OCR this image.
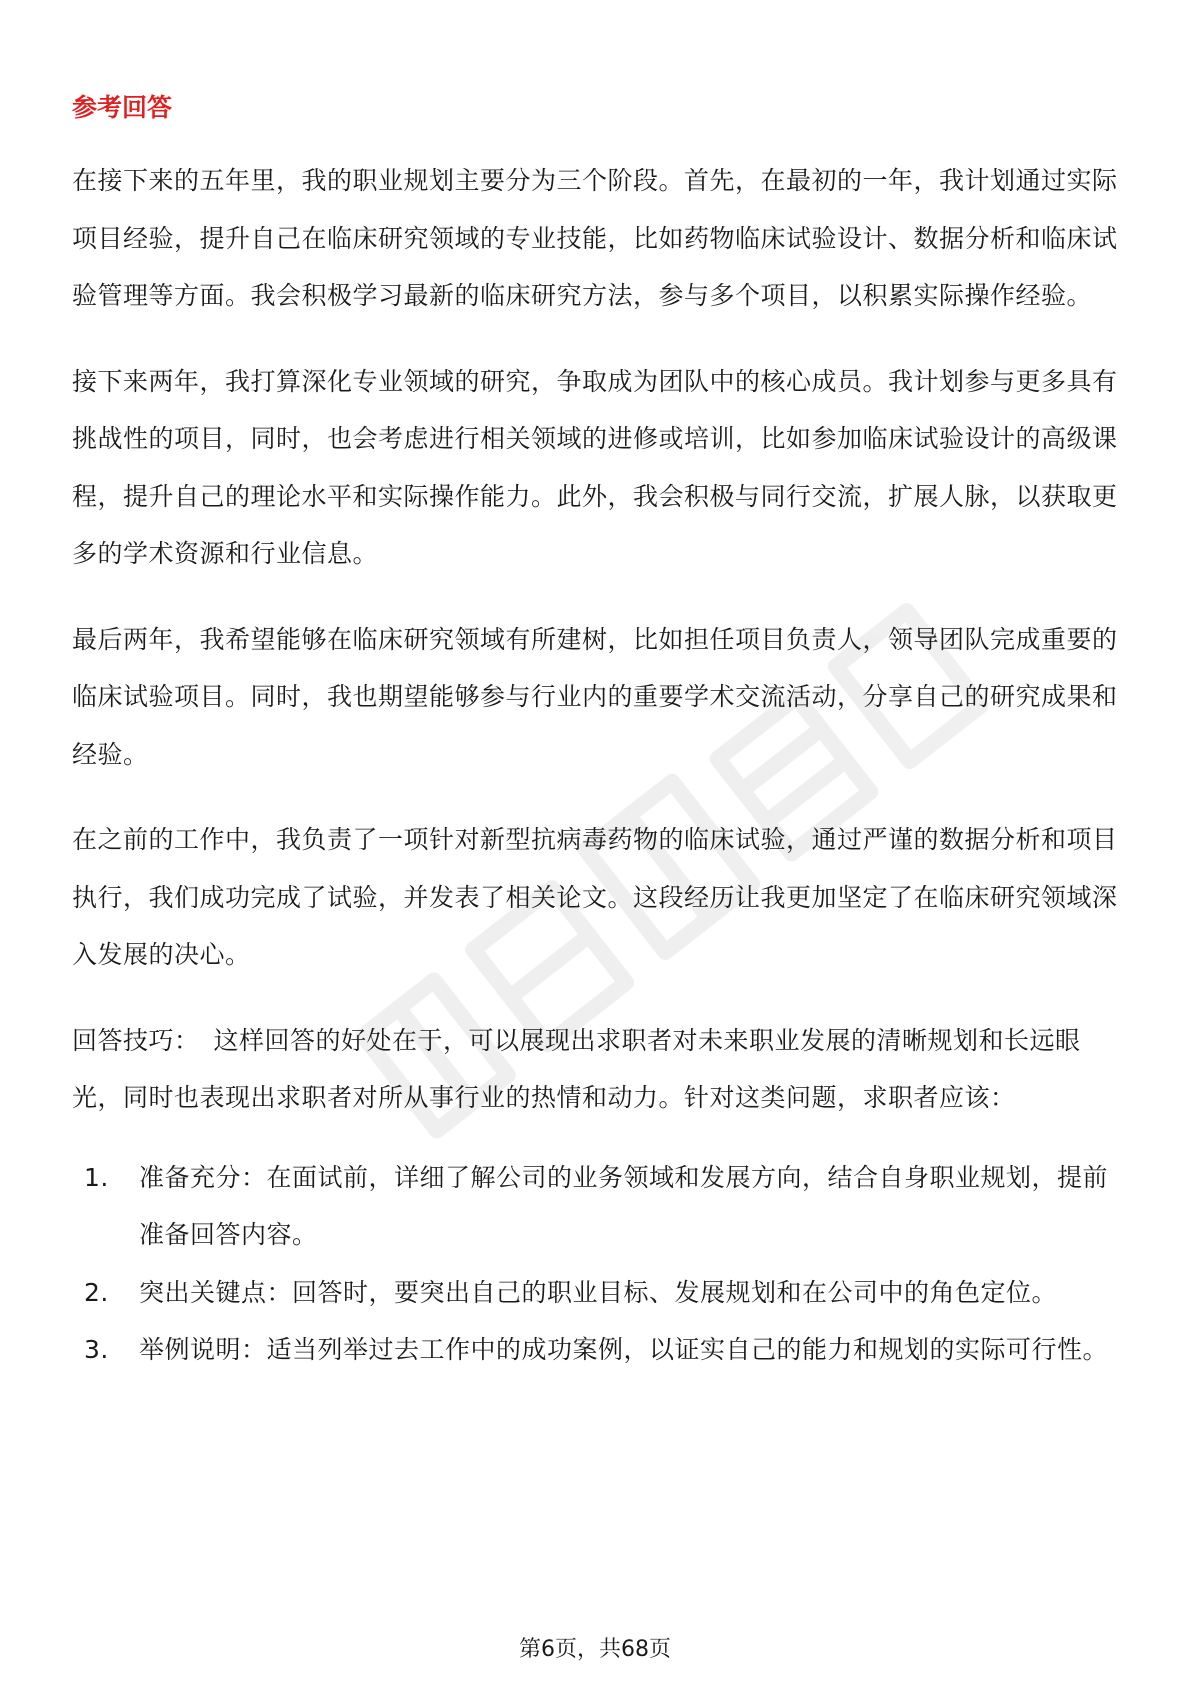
参考回答

在接下来的五年里，我的职业规划主要分为三个阶段。首先，在最初的一年，我计划通过实际项目经验，提升自己在临床研究领域的专业技能，比如药物临床试验设计、数据分析和临床试验管理等方面。我会积极学习最新的临床研究方法，参与多个项目，以积累实际操作经验。

接下来两年，我打算深化专业领域的研究，争取成为团队中的核心成员。我计划参与更多具有挑战性的项目，同时，也会考虑进行相关领域的进修或培训，比如参加临床试验设计的高级课程，提升自己的理论水平和实际操作能力。此外，我会积极与同行交流，扩展人脉，以获取更多的学术资源和行业信息。

最后两年，我希望能够在临床研究领域有所建树，比如担任项目负责人，领导团队完成重要的临床试验项目。同时，我也期望能够参与行业内的重要学术交流活动，分享自己的研究成果和经验。

在之前的工作中，我负责了一项针对新型抗病毒药物的临床试验，通过严谨的数据分析和项目执行，我们成功完成了试验，并发表了相关论文。这段经历让我更加坚定了在临床研究领域深入发展的决心。

回答技巧： 这样回答的好处在于，可以展现出求职者对未来职业发展的清晰规划和长远眼光，同时也表现出求职者对所从事行业的热情和动力。针对这类问题，求职者应该：

1. 准备充分：在面试前，详细了解公司的业务领域和发展方向，结合自身职业规划，提前准备回答内容。
2. 突出关键点：回答时，要突出自己的职业目标、发展规划和在公司中的角色定位。
3. 举例说明：适当列举过去工作中的成功案例，以证实自己的能力和规划的实际可行性。
第6页，共68页
